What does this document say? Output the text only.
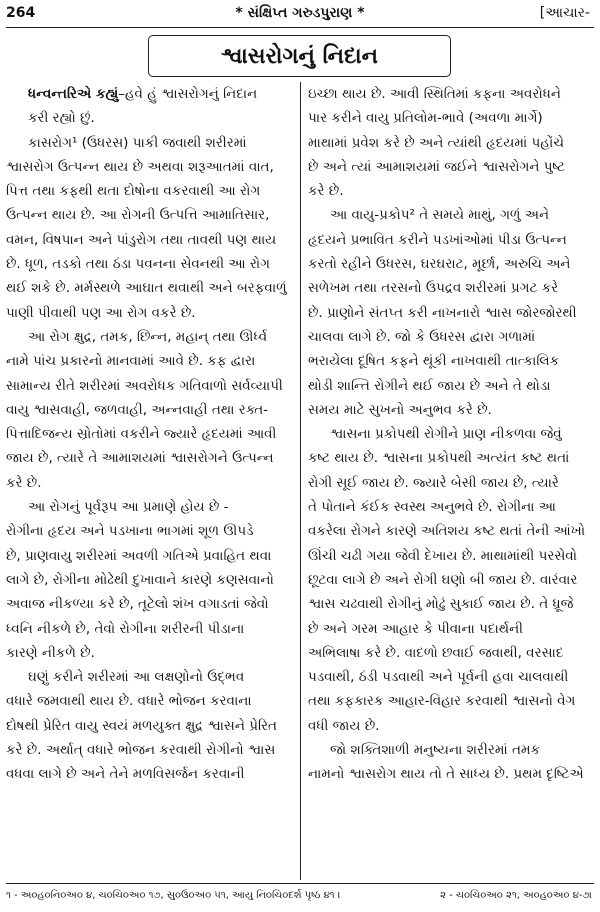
264	* સંક્ષિપ્ત ગરુડપુરાણ *	[આચાર-
શ્વાસરોગનું નિદાન
ધન્વન્તરિએ કહ્યું–હવે હું શ્વાસરોગનું નિદાન
કરી રહ્યો છું.
કાસરોગ¹ (ઉધરસ) પાકી જવાથી શરીરમાં
શ્વાસરોગ ઉત્પન્ન થાય છે અથવા શરૂઆતમાં વાત,
પિત્ત તથા કફથી થતા દોષોના વકરવાથી આ રોગ
ઉત્પન્ન થાય છે. આ રોગની ઉત્પત્તિ આમાતિસાર,
વમન, વિષપાન અને પાંડુરોગ તથા તાવથી પણ થાય
છે. ધૂળ, તડકો તથા ઠંડા પવનના સેવનથી આ રોગ
થઈ શકે છે. મર્મસ્થળે આઘાત થવાથી અને બરફવાળું
પાણી પીવાથી પણ આ રોગ વકરે છે.
આ રોગ ક્ષુદ્ર, તમક, છિન્ન, મહાન્ તથા ઊર્ધ્વ
નામે પાંચ પ્રકારનો માનવામાં આવે છે. કફ દ્વારા
સામાન્ય રીતે શરીરમાં અવરોધક ગતિવાળો સર્વવ્યાપી
વાયુ શ્વાસવાહી, જળવાહી, અન્નવાહી તથા રક્ત-
પિત્તાદિજન્ય સ્રોતોમાં વકરીને જ્યારે હૃદયમાં આવી
જાય છે, ત્યારે તે આમાશયમાં શ્વાસરોગને ઉત્પન્ન
કરે છે.
આ રોગનું પૂર્વરૂપ આ પ્રમાણે હોય છે -
રોગીના હૃદય અને પડખાના ભાગમાં શૂળ ઊપડે
છે, પ્રાણવાયુ શરીરમાં અવળી ગતિએ પ્રવાહિત થવા
લાગે છે, રોગીના મોઢેથી દુખાવાને કારણે કણસવાનો
અવાજ નીકળ્યા કરે છે, તૂટેલો શંખ વગાડતાં જેવો
ધ્વનિ નીકળે છે, તેવો રોગીના શરીરની પીડાના
કારણે નીકળે છે.
ઘણું કરીને શરીરમાં આ લક્ષણોનો ઉદ્ભવ
વધારે જમવાથી થાય છે. વધારે ભોજન કરવાના
દોષથી પ્રેરિત વાયુ સ્વયં મળયુક્ત ક્ષુદ્ર શ્વાસને પ્રેરિત
કરે છે. અર્થાત્ વધારે ભોજન કરવાથી રોગીનો શ્વાસ
વધવા લાગે છે અને તેને મળવિસર્જન કરવાની
ઇચ્છા થાય છે. આવી સ્થિતિમાં કફના અવરોધને
પાર કરીને વાયુ પ્રતિલોમ-ભાવે (અવળા માર્ગે)
માથામાં પ્રવેશ કરે છે અને ત્યાંથી હૃદયમાં પહોંચે
છે અને ત્યાં આમાશયમાં જઈને શ્વાસરોગને પુષ્ટ
કરે છે.
આ વાયુ-પ્રકોપ² તે સમયે માથું, ગળું અને
હૃદયને પ્રભાવિત કરીને પડખાંઓમાં પીડા ઉત્પન્ન
કરતો રહીને ઉધરસ, ઘરઘરાટ, મૂર્છા, અરુચિ અને
સળેખમ તથા તરસનો ઉપદ્રવ શરીરમાં પ્રગટ કરે
છે. પ્રાણોને સંતપ્ત કરી નાખનારો શ્વાસ જોરજોરથી
ચાલવા લાગે છે. જો કે ઉધરસ દ્વારા ગળામાં
ભરાયેલા દૂષિત કફને થૂંકી નાખવાથી તાત્કાલિક
થોડી શાન્તિ રોગીને થઈ જાય છે અને તે થોડા
સમય માટે સુખનો અનુભવ કરે છે.
શ્વાસના પ્રકોપથી રોગીને પ્રાણ નીકળવા જેવું
કષ્ટ થાય છે. શ્વાસના પ્રકોપથી અત્યંત કષ્ટ થતાં
રોગી સૂઈ જાય છે. જ્યારે બેસી જાય છે, ત્યારે
તે પોતાને કંઈક સ્વસ્થ અનુભવે છે. રોગીના આ
વકરેલા રોગને કારણે અતિશય કષ્ટ થતાં તેની આંખો
ઊંચી ચઢી ગયા જેવી દેખાય છે. માથામાંથી પરસેવો
છૂટવા લાગે છે અને રોગી ઘણો બી જાય છે. વારંવાર
શ્વાસ ચઢવાથી રોગીનું મોઢું સુકાઈ જાય છે. તે ધ્રૂજે
છે અને ગરમ આહાર કે પીવાના પદાર્થની
અભિલાષા કરે છે. વાદળો છવાઈ જવાથી, વરસાદ
પડવાથી, ઠંડી પડવાથી અને પૂર્વની હવા ચાલવાથી
તથા કફકારક આહાર-વિહાર કરવાથી શ્વાસનો વેગ
વધી જાય છે.
જો શક્તિશાળી મનુષ્યના શરીરમાં તમક
નામનો શ્વાસરોગ થાય તો તે સાધ્ય છે. પ્રથમ દૃષ્ટિએ
૧ - અ૦હ૦નિ૦અ૦ ૪, ચ૦ચિ૦અ૦ ૧૭, સુ૦ઉ૦અ૦ ૫૧, આયુ નિ૦ચિ૦દર્શ પૃષ્ઠ ૪૧ ।	૨ - ચ૦ચિ૦અ૦ ૨૧, અ૦હ૦અ૦ ૪-૭।
